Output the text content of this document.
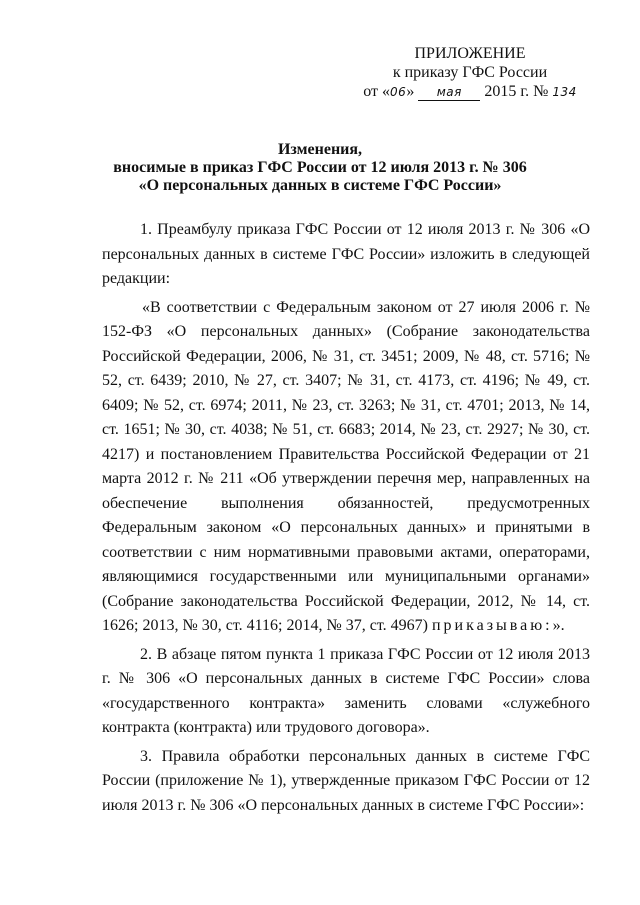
ПРИЛОЖЕНИЕ
к приказу ГФС России
от «06» мая 2015 г. № 134
Изменения,
вносимые в приказ ГФС России от 12 июля 2013 г. № 306
«О персональных данных в системе ГФС России»

1. Преамбулу приказа ГФС России от 12 июля 2013 г. № 306 «О персональных данных в системе ГФС России» изложить в следующей редакции:

«В соответствии с Федеральным законом от 27 июля 2006 г. № 152-ФЗ «О персональных данных» (Собрание законодательства Российской Федерации, 2006, № 31, ст. 3451; 2009, № 48, ст. 5716; № 52, ст. 6439; 2010, № 27, ст. 3407; № 31, ст. 4173, ст. 4196; № 49, ст. 6409; № 52, ст. 6974; 2011, № 23, ст. 3263; № 31, ст. 4701; 2013, № 14, ст. 1651; № 30, ст. 4038; № 51, ст. 6683; 2014, № 23, ст. 2927; № 30, ст. 4217) и постановлением Правительства Российской Федерации от 21 марта 2012 г. № 211 «Об утверждении перечня мер, направленных на обеспечение выполнения обязанностей, предусмотренных Федеральным законом «О персональных данных» и принятыми в соответствии с ним нормативными правовыми актами, операторами, являющимися государственными или муниципальными органами» (Собрание законодательства Российской Федерации, 2012, № 14, ст. 1626; 2013, № 30, ст. 4116; 2014, № 37, ст. 4967) приказываю:».

2. В абзаце пятом пункта 1 приказа ГФС России от 12 июля 2013 г. № 306 «О персональных данных в системе ГФС России» слова «государственного контракта» заменить словами «служебного контракта (контракта) или трудового договора».

3. Правила обработки персональных данных в системе ГФС России (приложение № 1), утвержденные приказом ГФС России от 12 июля 2013 г. № 306 «О персональных данных в системе ГФС России»:
